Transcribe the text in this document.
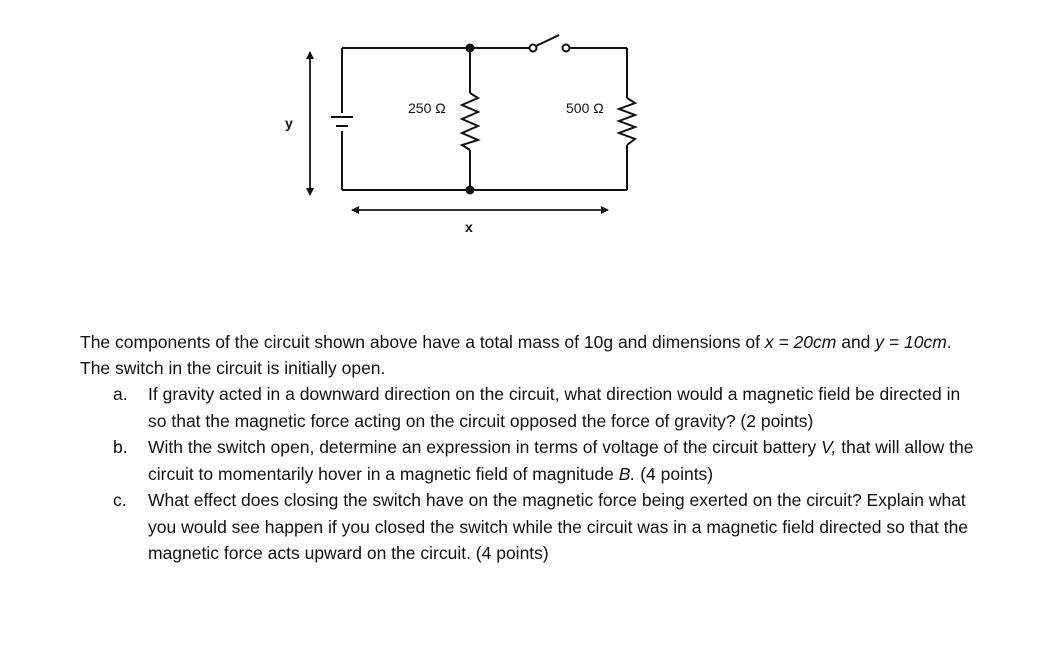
250 Ω	500 Ω
y
x

The components of the circuit shown above have a total mass of 10g and dimensions of x = 20cm and y = 10cm. The switch in the circuit is initially open.

a.	If gravity acted in a downward direction on the circuit, what direction would a magnetic field be directed in so that the magnetic force acting on the circuit opposed the force of gravity? (2 points)
b.	With the switch open, determine an expression in terms of voltage of the circuit battery V, that will allow the circuit to momentarily hover in a magnetic field of magnitude B. (4 points)
c.	What effect does closing the switch have on the magnetic force being exerted on the circuit? Explain what you would see happen if you closed the switch while the circuit was in a magnetic field directed so that the magnetic force acts upward on the circuit. (4 points)
